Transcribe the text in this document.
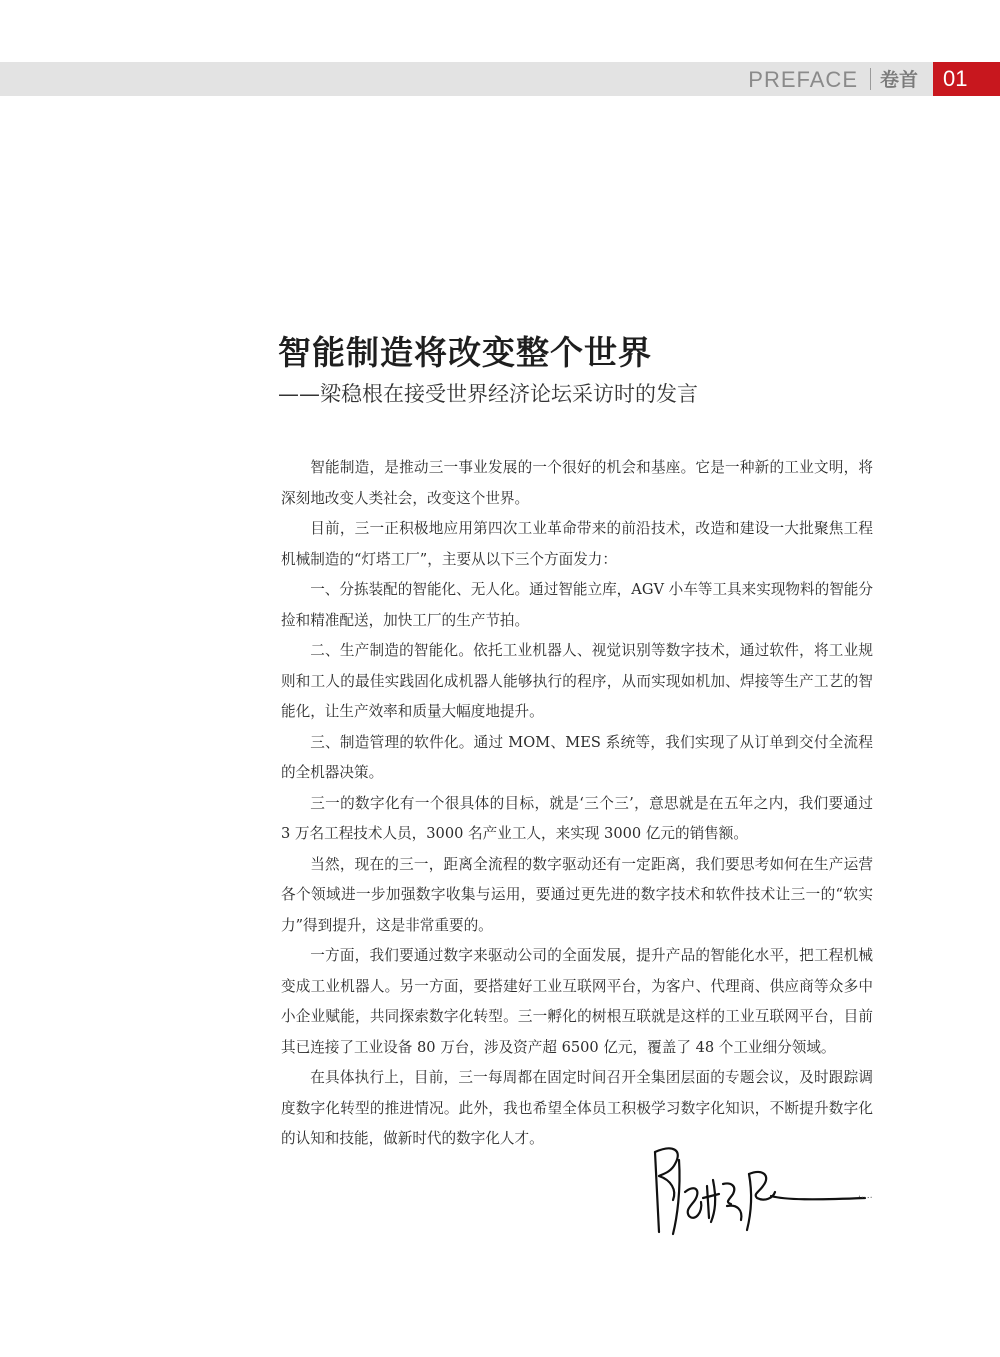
PREFACE 卷首	01
智能制造将改变整个世界
——梁稳根在接受世界经济论坛采访时的发言

智能制造，是推动三一事业发展的一个很好的机会和基座。它是一种新的工业文明，将深刻地改变人类社会，改变这个世界。

目前，三一正积极地应用第四次工业革命带来的前沿技术，改造和建设一大批聚焦工程机械制造的“灯塔工厂”，主要从以下三个方面发力：

一、分拣装配的智能化、无人化。通过智能立库，AGV 小车等工具来实现物料的智能分捡和精准配送，加快工厂的生产节拍。

二、生产制造的智能化。依托工业机器人、视觉识别等数字技术，通过软件，将工业规则和工人的最佳实践固化成机器人能够执行的程序，从而实现如机加、焊接等生产工艺的智能化，让生产效率和质量大幅度地提升。

三、制造管理的软件化。通过 MOM、MES 系统等，我们实现了从订单到交付全流程的全机器决策。

三一的数字化有一个很具体的目标，就是‘三个三’，意思就是在五年之内，我们要通过 3 万名工程技术人员，3000 名产业工人，来实现 3000 亿元的销售额。

当然，现在的三一，距离全流程的数字驱动还有一定距离，我们要思考如何在生产运营各个领域进一步加强数字收集与运用，要通过更先进的数字技术和软件技术让三一的“软实力”得到提升，这是非常重要的。

一方面，我们要通过数字来驱动公司的全面发展，提升产品的智能化水平，把工程机械变成工业机器人。另一方面，要搭建好工业互联网平台，为客户、代理商、供应商等众多中小企业赋能，共同探索数字化转型。三一孵化的树根互联就是这样的工业互联网平台，目前其已连接了工业设备 80 万台，涉及资产超 6500 亿元，覆盖了 48 个工业细分领域。

在具体执行上，目前，三一每周都在固定时间召开全集团层面的专题会议，及时跟踪调度数字化转型的推进情况。此外，我也希望全体员工积极学习数字化知识，不断提升数字化的认知和技能，做新时代的数字化人才。
